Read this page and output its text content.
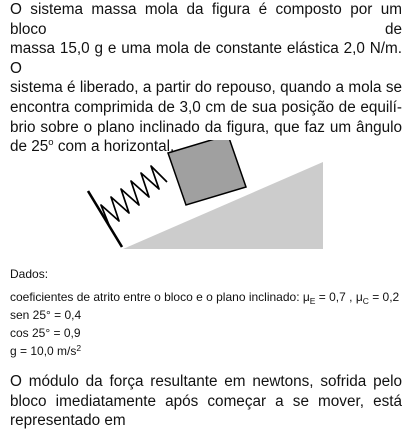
O sistema massa mola da figura é composto por um bloco de
massa 15,0 g e uma mola de constante elástica 2,0 N/m. O
sistema é liberado, a partir do repouso, quando a mola se
encontra comprimida de 3,0 cm de sua posição de equilí-
brio sobre o plano inclinado da figura, que faz um ângulo
de 25$^o$ com a horizontal.

Dados:
coeficientes de atrito entre o bloco e o plano inclinado: $\mu_E = 0,7$ , $\mu_C = 0,2$
sen 25° = 0,4
cos 25° = 0,9
g = 10,0 $m/s^2$

O módulo da força resultante em newtons, sofrida pelo
bloco imediatamente após começar a se mover, está
representado em
